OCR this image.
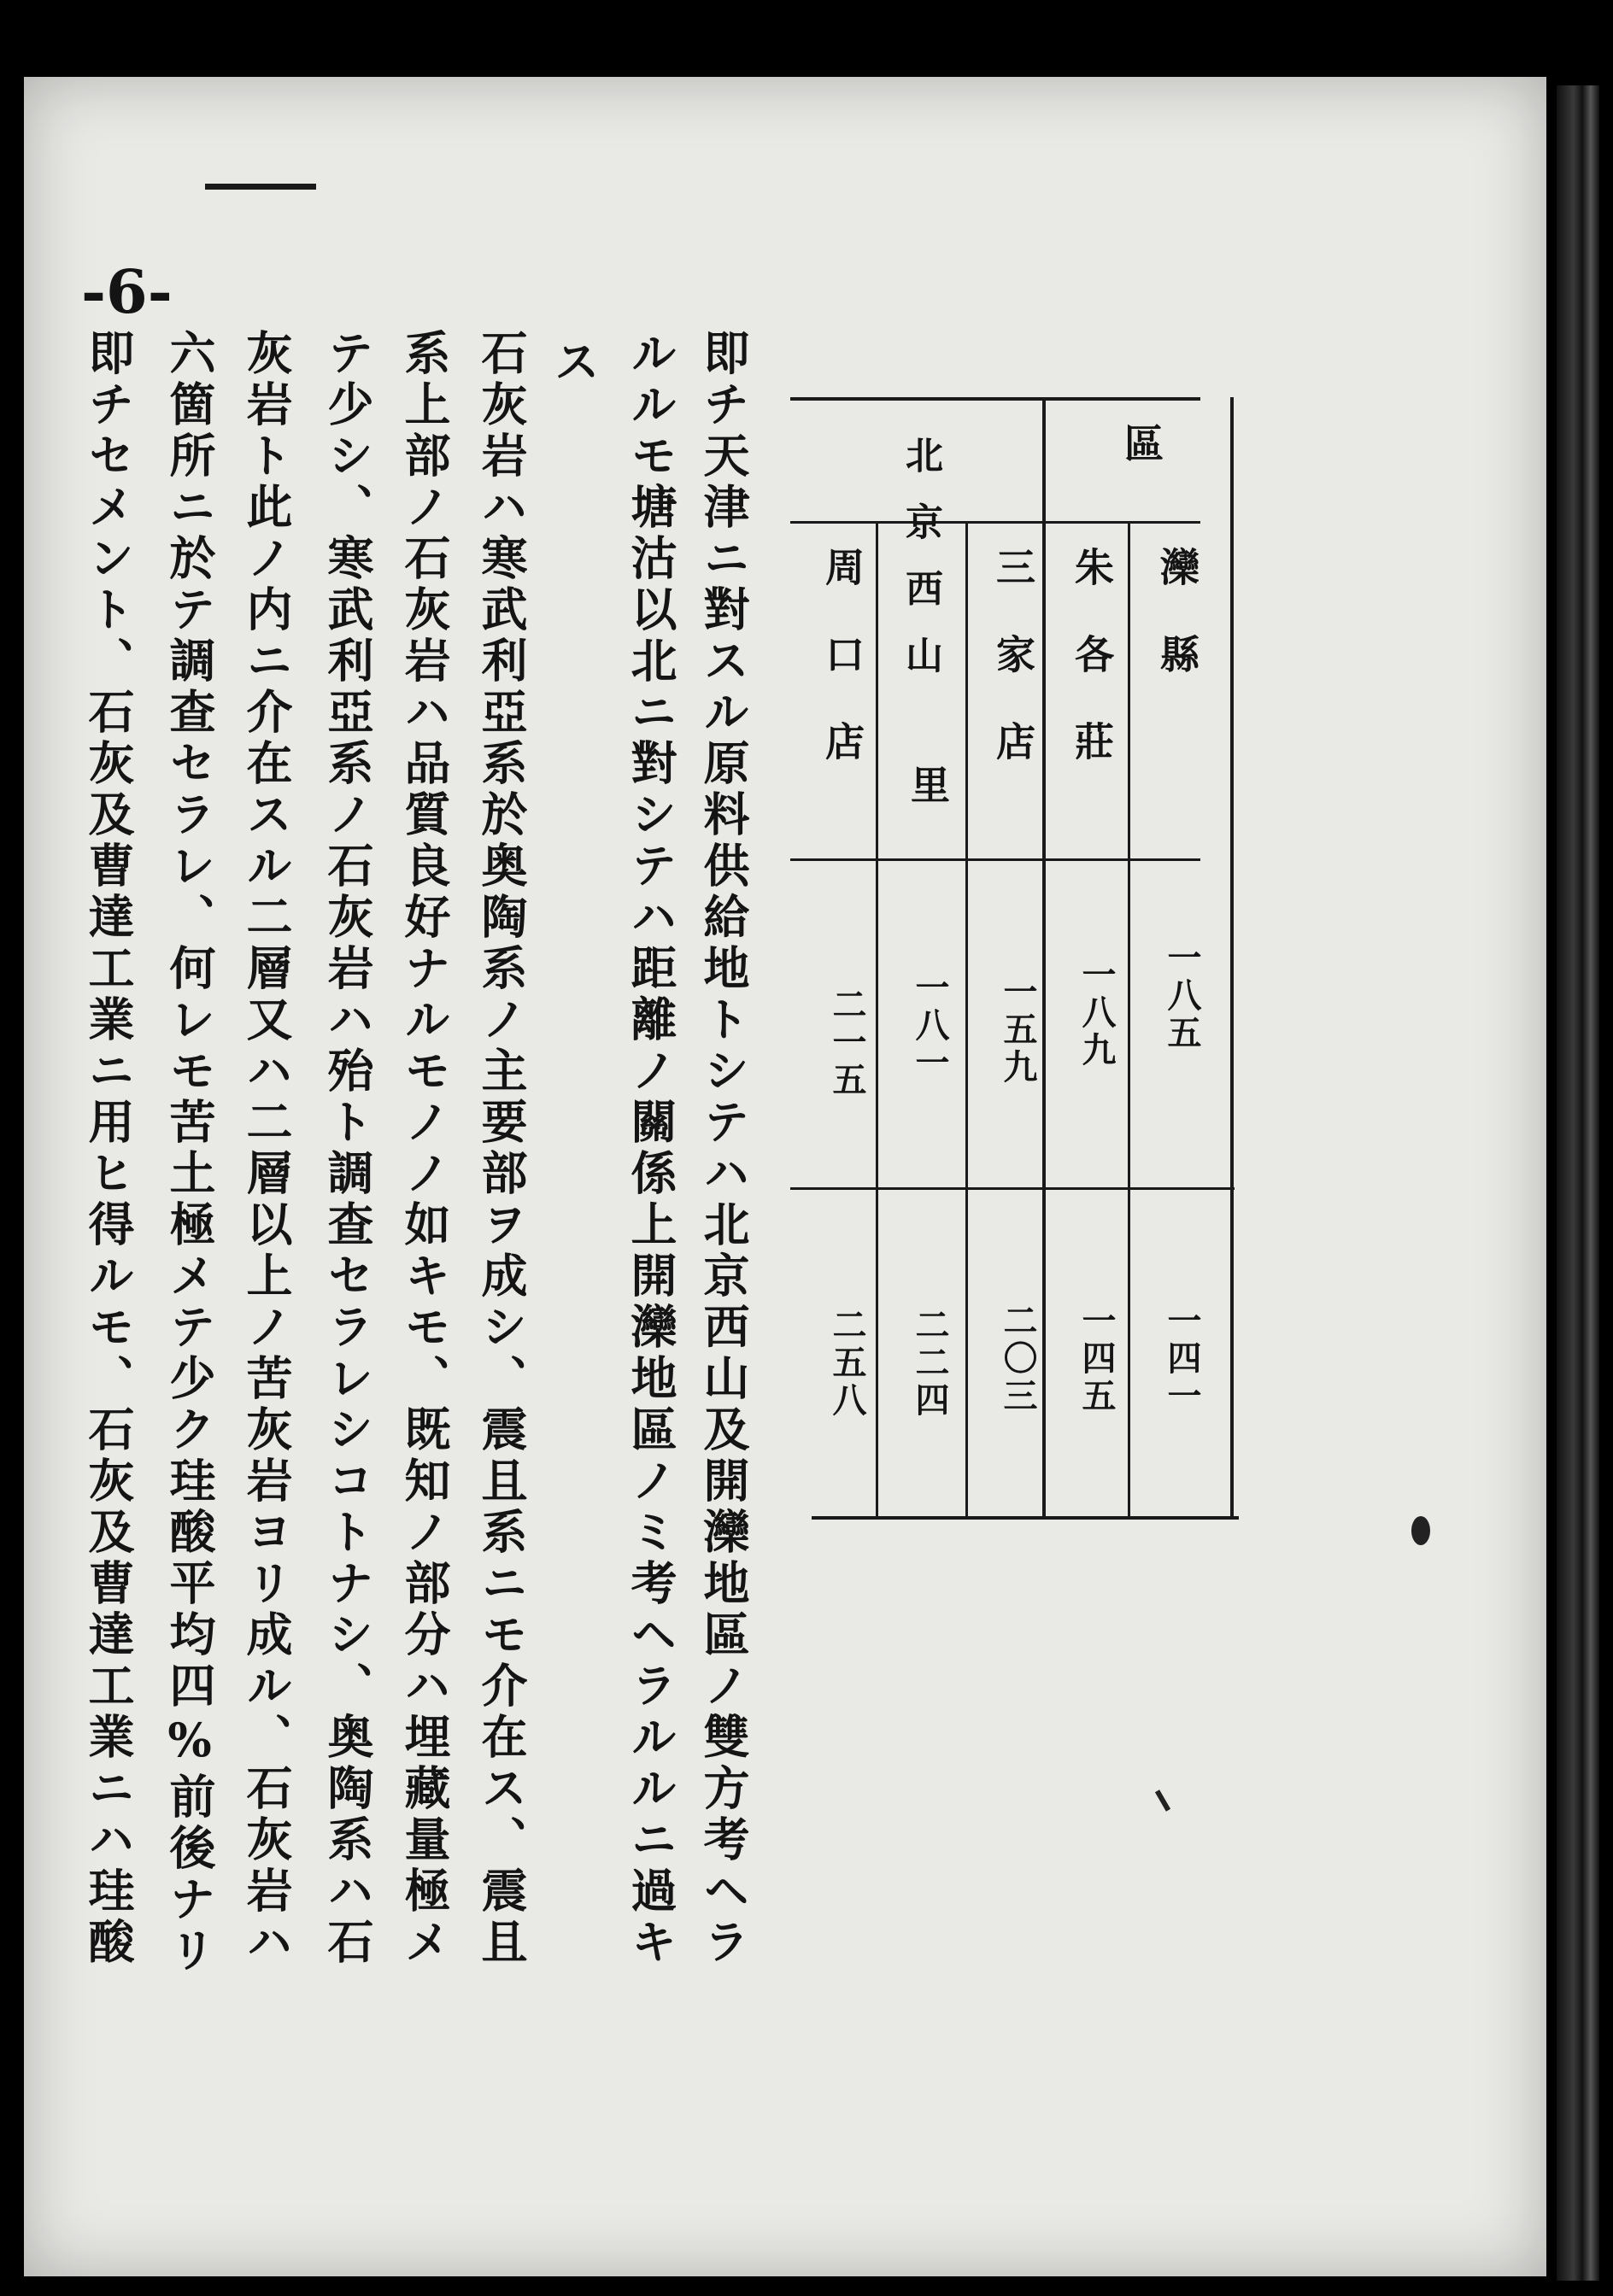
-6-
區
北京西山	灤縣
朱各莊
三家店
里
周口店
一八五
一八九
一五九
一八一
二一五
一四一
一四五
二〇三
二二四
二五八
即チ天津ニ對スル原料供給地トシテハ北京西山及開灤地區ノ雙方考ヘラ
ルルモ塘沽以北ニ對シテハ距離ノ關係上開灤地區ノミ考ヘラルルニ過キ
ス
石灰岩ハ寒武利亞系於奥陶系ノ主要部ヲ成シ、震且系ニモ介在ス、震且
系上部ノ石灰岩ハ品質良好ナルモノノ如キモ、既知ノ部分ハ埋藏量極メ
テ少シ、寒武利亞系ノ石灰岩ハ殆ト調查セラレシコトナシ、奥陶系ハ石
灰岩ト此ノ内ニ介在スル二層又ハ二層以上ノ苦灰岩ヨリ成ル、石灰岩ハ
六箇所ニ於テ調查セラレ、何レモ苦土極メテ少ク珪酸平均四%前後ナリ
即チセメント、石灰及曹達工業ニ用ヒ得ルモ、石灰及曹達工業ニハ珪酸
